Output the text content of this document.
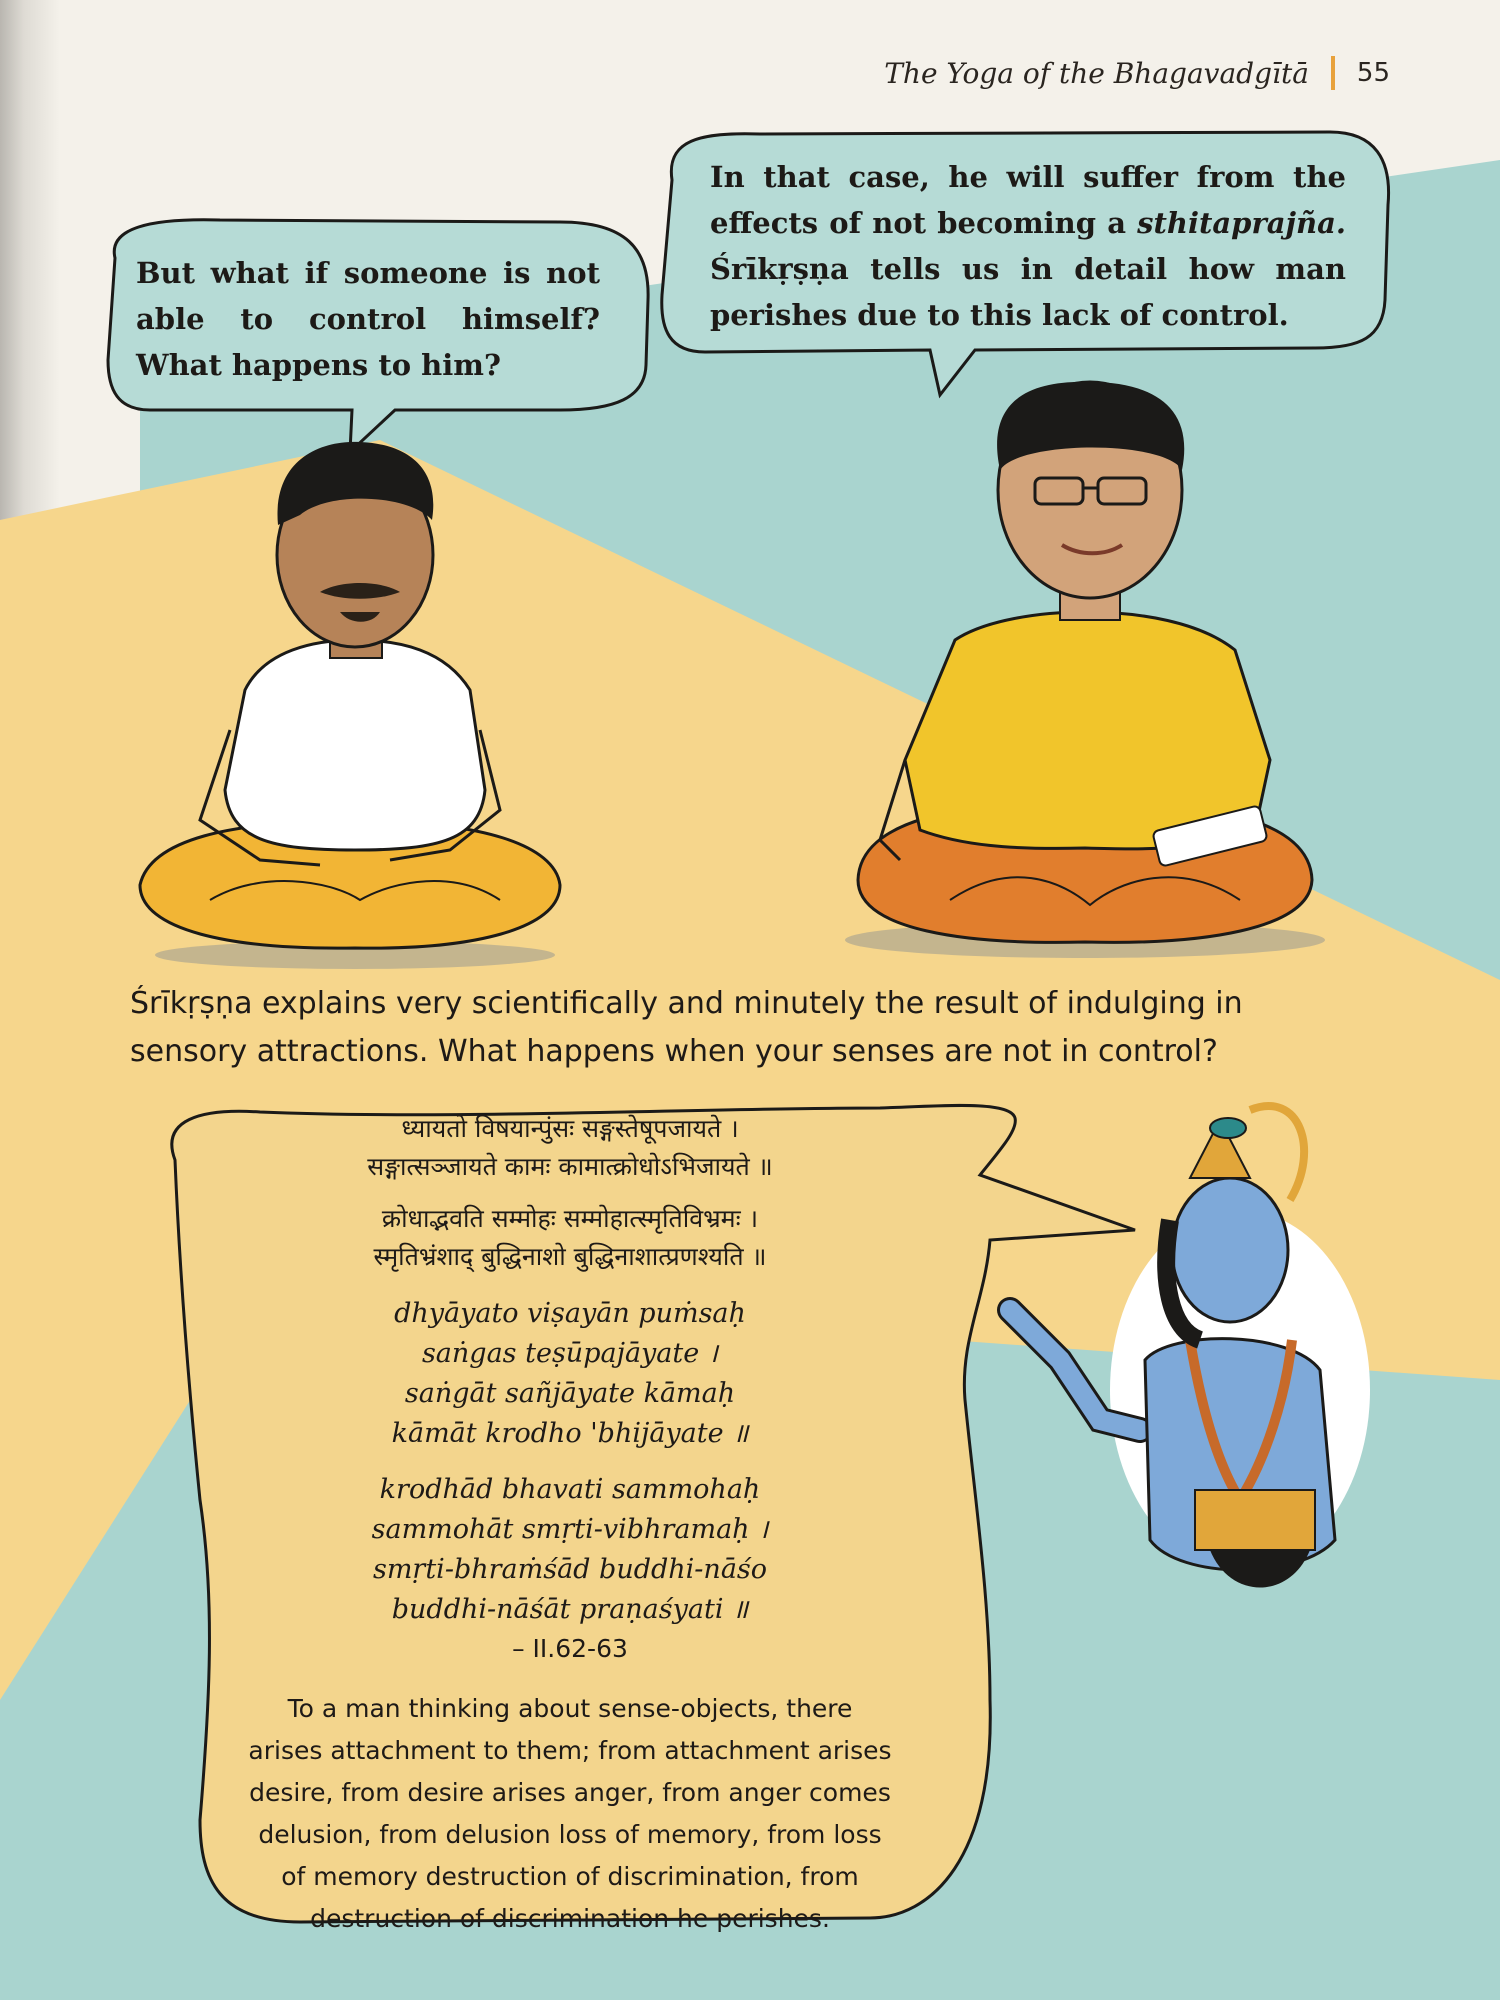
The Yoga of the Bhagavadgītā 55
But what if someone is not
able to control himself?
What happens to him?
In that case, he will suffer from the
effects of not becoming a sthitaprajña.
Śrīkṛṣṇa tells us in detail how man
perishes due to this lack of control.
Śrīkṛṣṇa explains very scientifically and minutely the result of indulging in
sensory attractions. What happens when your senses are not in control?
ध्यायतो विषयान्पुंसः सङ्गस्तेषूपजायते ।
सङ्गात्सञ्जायते कामः कामात्क्रोधोऽभिजायते ॥
क्रोधाद्भवति सम्मोहः सम्मोहात्स्मृतिविभ्रमः ।
स्मृतिभ्रंशाद् बुद्धिनाशो बुद्धिनाशात्प्रणश्यति ॥
dhyāyato viṣayān puṁsaḥ
saṅgas teṣūpajāyate ।
saṅgāt sañjāyate kāmaḥ
kāmāt krodho 'bhijāyate ॥
krodhād bhavati sammohaḥ
sammohāt smṛti-vibhramaḥ ।
smṛti-bhraṁśād buddhi-nāśo
buddhi-nāśāt praṇaśyati ॥
– II.62-63
To a man thinking about sense-objects, there
arises attachment to them; from attachment arises
desire, from desire arises anger, from anger comes
delusion, from delusion loss of memory, from loss
of memory destruction of discrimination, from
destruction of discrimination he perishes.
